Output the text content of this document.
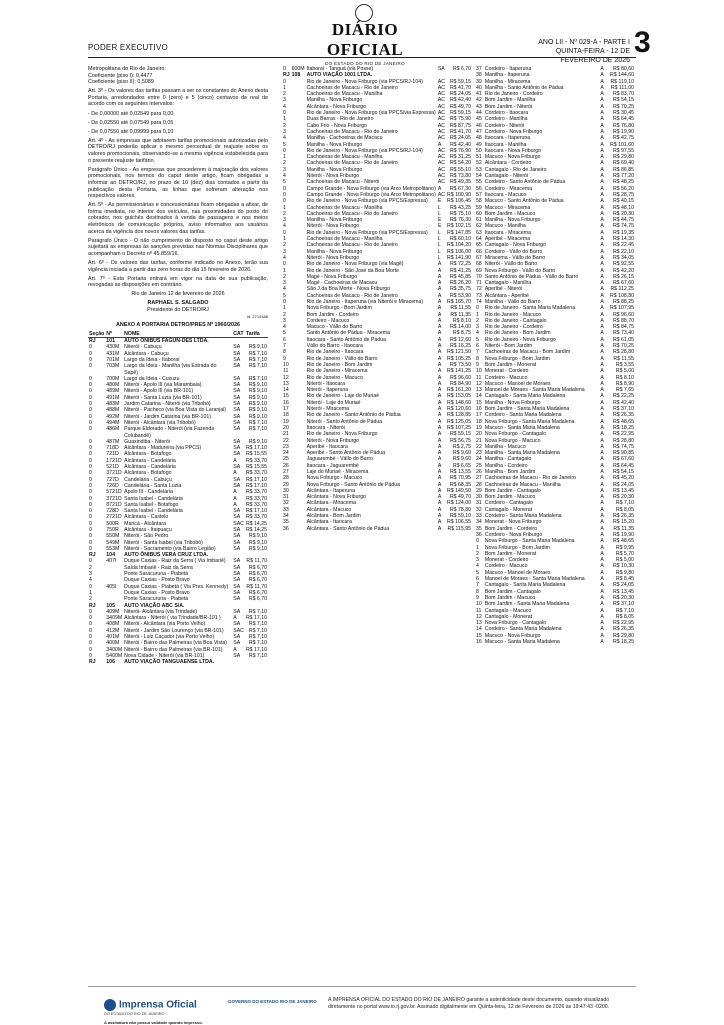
PODER EXECUTIVO
DIÁRIO OFICIAL
DO ESTADO DO RIO DE JANEIRO
ANO LII - Nº 029-A - PARTE I
QUINTA-FEIRA - 12 DE FEVEREIRO DE 2026
3
Metropolitana do Rio de Janeiro:
Coeficiente (piso I): 0,4477
Coeficiente (piso II): 0,5089
Art. 3º - Os valores das tarifas passam a ser os constantes do Anexo desta Portaria, arredondados entre 0 (zero) e 5 (cinco) centavos de real de acordo com os seguintes intervalos:
- De 0,00000 até 0,02549 para 0,00
- De 0,02550 até 0,07549 para 0,05
- De 0,07550 até 0,09999 para 0,10
Art. 4º - As empresas que adotarem tarifas promocionais autorizadas pelo DETRO/RJ poderão aplicar o mesmo percentual de reajuste sobre os valores promocionais, observando-se a mesma vigência estabelecida para o presente reajuste tarifário.
Parágrafo Único - As empresas que procederem à majoração dos valores promocionais, nos termos do caput deste artigo, ficam obrigadas a informar ao DETRO/RJ, no prazo de 10 (dez) dias contados a partir da publicação desta Portaria, as linhas que sofreram alteração nos respectivos valores.
Art. 5º - As permissionárias e concessionárias ficam obrigadas a afixar, de forma imediata, no interior dos veículos, nas proximidades do posto do cobrador, nos guichês destinados à venda de passagens e nos meios eletrônicos de comunicação próprios, aviso informativo aos usuários acerca da vigência dos novos valores das tarifas.
Parágrafo Único - O não cumprimento do disposto no caput deste artigo sujeitará as empresas às sanções previstas nas Normas Disciplinares que acompanham o Decreto nº 45.859/16.
Art. 6º - Os valores das tarifas, conforme indicado no Anexo, terão sua vigência iniciada a partir das zero horas do dia 15 fevereiro de 2026.
Art. 7º - Esta Portaria entrará em vigor na data de sua publicação, revogadas as disposições em contrário.
Rio de Janeiro 12 de fevereiro de 2026
RAPHAEL S. SALGADO
Presidente do DETRO/RJ
Id: 2714486
ANEXO A PORTARIA DETRO/PRES Nº 1960/2026
Seção	Nº	NOME	CAT	Tarifa
RJ	101	AUTO ÔNIBUS FAGUN-DES LTDA.		
0	430M	Niterói - Cabuçu	SA	R$ 9,10
0	431M	Alcântara - Cabuçu	SA	R$ 7,10
0	701M	Largo da Ideia - Itaboraí	SA	R$ 7,10
0	703M	Largo da Ideia - Manilha (via Estrada do Sapê)	SA	R$ 7,10
0	700M	Largo da Ideia - Cuxuzu	SA	R$ 7,10
0	480M	Niterói - Apolo III (via Marambaia)	SA	R$ 9,10
0	489M	Niterói - Apolo III (via BR-101)	SA	R$ 9,10
0	491M	Niterói - Santa Luzia (via BR-101)	SA	R$ 9,10
0	483M	Jardim Catarina - Niterói (via Tribobó)	SA	R$ 9,10
0	488M	Niterói - Pacheco (via Boa Vista do Laranjal)	SA	R$ 9,10
0	492M	Niterói - Jardim Catarina (via BR-101)	SA	R$ 9,10
0	494M	Niterói - Alcântara (via Tribobó)	SA	R$ 7,10
0	486M	Parque Eldorado - Niterói (via Fazenda Colubandê)	SA	R$ 7,10
0	487M	Guaxindiba - Niterói	SA	R$ 9,10
0	718D	Alcântara - Madureira (via PPCS)	SA	R$ 17,10
0	721D	Alcântara - Botafogo	SA	R$ 15,55
0	1721D	Alcântara - Candelária	A	R$ 33,70
0	521D	Alcântara - Candelária	SA	R$ 15,55
0	3721D	Alcântara - Botafogo	A	R$ 33,70
0	727D	Candelária - Cabuçu	SA	R$ 17,10
0	726D	Candelária - Santa Luzia	SA	R$ 17,10
0	5721D	Apolo III - Candelária	A	R$ 33,70
0	3721D	Santa Isabel - Candelária	A	R$ 33,70
0	8721D	Santa Isabel - Botafogo	A	R$ 33,70
0	728D	Santa Isabel - Candelária	SA	R$ 17,10
0	2721D	Alcântara - Castelo	SA	R$ 33,70
0	500R	Maricá - Alcântara	SAC	R$ 14,25
0	750R	Alcântara - Itaipuaçu	SA	R$ 14,25
0	550M	Niterói - São Pedro	SA	R$ 9,10
0	549M	Niterói - Santa Isabel (via Tribobó)	SA	R$ 9,10
0	553M	Niterói - Sacramento (via Bairro Legião)	SA	R$ 9,10
RJ	104	AUTO ÔNIBUS VERA CRUZ LTDA.		
0	407I	Duque Caxias - Raiz da Serra ( Via Imbariê)	SA	R$ 11,70
2		Saída Imbariê - Raiz da Serra	SA	R$ 6,70
3		Ponte Saracuruna - Piabetá	SA	R$ 6,70
4		Duque Caxias - Posto Bravo	SA	R$ 6,70
0	405I	Duque Caxias - Piabetá ( Via Pres. Kennedy)	SA	R$ 11,70
1		Duque Caxias - Posto Bravo	SA	R$ 6,70
2		Ponte Saracuruna - Piabetá	SA	R$ 6,70
RJ	105	AUTO VIAÇÃO ABC S/A.		
0	409M	Niterói- Alcântara (via Trindade)	SA	R$ 7,10
0	3409M	Alcântara - Niterói ( via Trindade/BR-101 )	A	R$ 17,10
0	408M	Niterói - Alcântara (via Porto Velho)	SA	R$ 7,10
0	412M	Niterói - Jardim São Lourenço (via BR-101)	SAC	R$ 7,10
0	401M	Niterói - Luiz Caçador (via Porto Velho)	SA	R$ 7,10
0	400M	Niterói - Bairro das Palmeiras (via Boa Vista)	SA	R$ 7,10
0	3400M	Niterói - Bairro das Palmeiras (via BR-101)	A	R$ 17,10
0	5400M	Nova Cidade - Niterói (via BR-101)	SA	R$ 7,10
RJ	106	AUTO VIAÇÃO TANGUAENSE LTDA.		
0	600M	Itaboraí - Tanguá (via Posse)	SA	R$ 6,70
RJ	108	AUTO VIAÇÃO 1001 LTDA.		
0		Rio de Janeiro - Nova Friburgo (via PPCS/RJ-104)	AC	R$ 59,15
1		Cachoeiras de Macacu - Rio de Janeiro	AC	R$ 41,70
2		Cachoeiras de Macacu - Manilha	AC	R$ 24,05
3		Manilha - Nova Friburgo	AC	R$ 42,40
4		Alcântara - Nova Friburgo	AC	R$ 49,70
0		Rio de Janeiro - Nova Friburgo (via PPCS/via Expressa)	AC	R$ 59,15
1		Duas Barras - Rio de Janeiro	AC	R$ 75,90
2		Cabo Frio - Nova Friburgo	AC	R$ 87,75
3		Cachoeiras de Macacu - Rio de Janeiro	AC	R$ 41,70
4		Manilha - Cachoeiras de Macacu	AC	R$ 24,05
5		Manilha - Nova Friburgo	A	R$ 42,40
0		Rio de Janeiro - Nova Friburgo (via PPCS/RJ-104)	AC	R$ 76,90
1		Cachoeiras de Macacu - Manilha	AC	R$ 31,25
2		Cachoeiras de Macacu - Rio de Janeiro	AC	R$ 54,20
3		Manilha - Nova Friburgo	AC	R$ 55,10
4		Niterói - Nova Friburgo	AC	R$ 73,80
5		Cachoeiras de Macacu - Niterói	AC	R$ 49,35
0		Campo Grande - Nova Friburgo (via Arco Metropolitano)	A	R$ 67,30
0		Campo Grande - Nova Friburgo (via Arco Metropolitano)	AC	R$ 100,90
0		Rio de Janeiro - Nova Friburgo (via PPCS/Expressa)	E	R$ 106,45
1		Cachoeiras de Macacu - Manilha	L	R$ 43,25
2		Cachoeiras de Macacu - Rio de Janeiro	L	R$ 75,10
3		Manilha - Nova Friburgo	E	R$ 76,30
4		Niterói - Nova Friburgo	E	R$ 102,15
0		Rio de Janeiro - Nova Friburgo (via PPCS/Expressa)	L	R$ 147,85
1		Cachoeiras de Macacu - Manilha	L	R$ 60,10
2		Cachoeiras de Macacu - Rio de Janeiro	L	R$ 104,20
3		Manilha - Nova Friburgo	L	R$ 106,00
4		Niterói - Nova Friburgo	L	R$ 141,90
0		Rio de Janeiro - Nova Friburgo (via Magé)	A	R$ 72,25
1		Rio de Janeiro - São José da Boa Morte	A	R$ 41,25
2		Magé - Nova Friburgo	A	R$ 45,85
3		Magé - Cachoeiras de Macacu	A	R$ 26,20
4		São J.da Boa Morte - Nova Friburgo	A	R$ 35,75
5		Cachoeiras de Macacu - Rio de Janeiro	A	R$ 53,90
0		Rio de Janeiro - Itaperuna (via Niterói e Miracema)	A	R$ 165,70
1		Nova Friburgo - Bom Jardim	A	R$ 11,55
2		Bom Jardim - Cordeiro	A	R$ 11,35
3		Cordeiro - Macuco	A	R$ 8,10
4		Macuco - Vállo do Barro	A	R$ 14,00
5		Santo Antônio de Pádua - Miracema	A	R$ 8,75
6		Itaocara - Santo Antônio de Pádua	A	R$ 12,60
7		Vállo do Barro - Itaocara	A	R$ 16,25
8		Rio de Janeiro - Itaocara	A	R$ 121,50
9		Rio de Janeiro - Vállo do Barro	A	R$ 105,25
10		Rio de Janeiro - Bom Jardim	A	R$ 73,50
11		Rio de Janeiro - Miracema	A	R$ 141,25
12		Rio de Janeiro - Macuco	A	R$ 96,60
13		Niterói - Itaocara	A	R$ 84,90
14		Niterói - Itaperuna	A	R$ 161,20
15		Rio de Janeiro - Laje do Muriaé	A	R$ 153,05
16		Niterói - Laje do Muriaé	A	R$ 148,60
17		Niterói - Miracema	A	R$ 120,60
18		Rio de Janeiro - Santo Antônio de Pádua	A	R$ 128,85
19		Niterói - Santo Antônio de Pádua	A	R$ 125,05
20		Itaocara - Niterói	A	R$ 107,25
21		Rio de Janeiro - Nova Friburgo	A	R$ 59,15
22		Niterói - Nova Friburgo	A	R$ 56,75
23		Aperibé - Itaocara	A	R$ 2,75
24		Aperibé - Santo Antônio de Pádua	A	R$ 9,60
25		Jaguarembé - Vállo do Barro	A	R$ 9,60
26		Itaocara - Jaguarembé	A	R$ 6,65
27		Laje do Muriaé - Miracema	A	R$ 13,55
28		Nova Friburgo - Macuco	A	R$ 70,95
29		Nova Friburgo - Santo Antônio de Pádua	A	R$ 68,35
30		Alcântara - Itaperuna	A	R$ 149,50
31		Alcântara - Nova Friburgo	A	R$ 49,70
32		Alcântara - Miracema	A	R$ 124,00
33		Alcântara - Macuco	A	R$ 78,80
34		Alcântara - Bom Jardim	A	R$ 59,10
35		Alcântara - Itaocara	A	R$ 106,55
36		Alcântara - Santo Antônio de Pádua	A	R$ 115,95
37	Cordeiro - Itaperuna	A	R$ 80,60
38	Manilha - Itaperuna	A	R$ 144,60
39	Manilha - Miracema	A	R$ 119,10
40	Manilha - Santo Antônio de Pádua	A	R$ 111,00
41	Rio de Janeiro - Cordeiro	A	R$ 83,70
42	Bom Jardim - Manilha	A	R$ 54,15
43	Bom Jardim - Niterói	A	R$ 70,25
44	Cordeiro - Itaocara	A	R$ 30,45
45	Cordeiro - Manilha	A	R$ 64,45
46	Cordeiro - Niterói	A	R$ 76,80
47	Cordeiro - Nova Friburgo	A	R$ 19,90
48	Itaocara - Itaperuna	A	R$ 42,75
49	Itaocara - Manilha	A	R$ 101,60
50	Itaocara - Nova Friburgo	A	R$ 97,55
51	Macuco - Nova Friburgo	A	R$ 29,80
52	Alcântara - Cordeiro	A	R$ 69,40
53	Cantagalo - Rio de Janeiro	A	R$ 86,85
54	Cantagalo - Niterói	A	R$ 77,20
55	Cordeiro - Santo Antônio de Pádua	A	R$ 48,25
56	Cordeiro - Miracema	A	R$ 56,20
57	Itaocara - Macuco	A	R$ 28,75
58	Macuco - Santo Antônio de Pádua	A	R$ 40,15
59	Macuco - Miracema	A	R$ 48,10
60	Bom Jardim - Macuco	A	R$ 20,30
61	Manilha - Nova Friburgo	A	R$ 44,75
62	Macuco - Manilha	A	R$ 74,75
63	Itaocara - Miracema	A	R$ 19,35
64	Aperibé - Miracema	A	R$ 14,30
65	Cantagalo - Nova Friburgo	A	R$ 22,45
66	Cordeiro - Vállo do Barro	A	R$ 22,10
67	Miracema - Vállo do Barro	A	R$ 34,05
68	Niterói - Vállo do Barro	A	R$ 92,55
69	Nova Friburgo - Vállo do Barro	A	R$ 42,20
70	Santo Antônio de Pádua - Vállo do Barro	A	R$ 26,15
71	Cantagalo - Manilha	A	R$ 67,60
72	Aperibé - Niterói	A	R$ 112,25
73	Alcântara - Aperibé	A	R$ 108,80
74	Manilha - Vállo do Barro	A	R$ 88,25
0	Rio de Janeiro - Santa Maria Madalena	A	R$ 107,95
1	Rio de Janeiro - Macuco	A	R$ 96,60
2	Rio de Janeiro - Cantagalo	A	R$ 88,70
3	Rio de Janeiro - Cordeiro	A	R$ 84,75
4	Rio de Janeiro - Bom Jardim	A	R$ 73,40
5	Rio de Janeiro - Nova Friburgo	A	R$ 61,05
6	Niterói - Bom Jardim	A	R$ 70,25
7	Cachoeiras de Macacu - Bom Jardim	A	R$ 28,80
8	Nova Friburgo - Bom Jardim	A	R$ 11,55
9	Bom Jardim - Monerat	A	R$ 3,55
10	Monerat - Cordeiro	A	R$ 5,00
11	Cordeiro - Macuco	A	R$ 8,10
12	Macuco - Manoel de Moraes	A	R$ 8,90
13	Manoel de Moraes - Santa Maria Madalena	A	R$ 7,65
14	Cantagalo - Santa Maria Madalena	A	R$ 22,25
15	Manilha - Nova Friburgo	A	R$ 42,40
16	Bom Jardim - Santa Maria Madalena	A	R$ 37,10
17	Cordeiro - Santa Maria Madalena	A	R$ 26,35
18	Nova Friburgo - Santa Maria Madalena	A	R$ 48,65
19	Macuco - Santa Maria Madalena	A	R$ 18,25
20	Nova Friburgo - Cantagalo	A	R$ 22,95
21	Nova Friburgo - Macuco	A	R$ 28,80
22	Manilha - Macuco	A	R$ 74,75
23	Manilha - Santa Maria Madalena	A	R$ 90,85
24	Manilha - Cantagalo	A	R$ 67,60
25	Manilha - Cordeiro	A	R$ 64,45
26	Manilha - Bom Jardim	A	R$ 54,15
27	Cachoeiras de Macacu - Rio de Janeiro	A	R$ 45,20
28	Cachoeiras de Macacu - Manilha	A	R$ 24,05
29	Bom Jardim - Cantagalo	A	R$ 13,45
30	Bom Jardim - Macuco	A	R$ 20,30
31	Cordeiro - Cantagalo	A	R$ 7,10
32	Cantagalo - Monerat	A	R$ 8,05
33	Cordeiro - Santa Maria Madalena	A	R$ 26,35
34	Monerat - Nova Friburgo	A	R$ 15,20
35	Bom Jardim - Cordeiro	A	R$ 11,35
36	Cordeiro - Nova Friburgo	A	R$ 19,90
0	Nova Friburgo - Santa Maria Madalena	A	R$ 48,65
1	Nova Friburgo - Bom Jardim	A	R$ 9,95
2	Bom Jardim - Monerat	A	R$ 5,70
3	Monerat - Cordeiro	A	R$ 5,00
4	Cordeiro - Macuco	A	R$ 10,30
5	Macuco - Manoel de Moraes	A	R$ 9,80
6	Manoel de Moraes - Santa Maria Madalena	A	R$ 8,45
7	Cantagalo - Santa Maria Madalena	A	R$ 24,05
8	Bom Jardim - Cantagalo	A	R$ 13,45
9	Bom Jardim - Macuco	A	R$ 20,30
10	Bom Jardim - Santa Maria Madalena	A	R$ 37,10
11	Cantagalo - Macuco	A	R$ 7,10
12	Cantagalo - Monerat	A	R$ 8,05
13	Nova Friburgo - Cantagalo	A	R$ 22,95
14	Cordeiro - Santa Maria Madalena	A	R$ 26,35
15	Macuco - Nova Friburgo	A	R$ 29,80
16	Macuco - Santa Maria Madalena	A	R$ 18,25
Imprensa Oficial
DO ESTADO DO RIO DE JANEIRO
GOVERNO DO ESTADO RIO DE JANEIRO
A assinatura não possui validade quando impresso.
A IMPRENSA OFICIAL DO ESTADO DO RIO DE JANEIRO garante a autenticidade deste documento, quando visualizado diretamente no portal www.io.rj.gov.br. Assinado digitalmente em Quinta-feira, 12 de Fevereiro de 2026 às 19:47:43 -0200.
